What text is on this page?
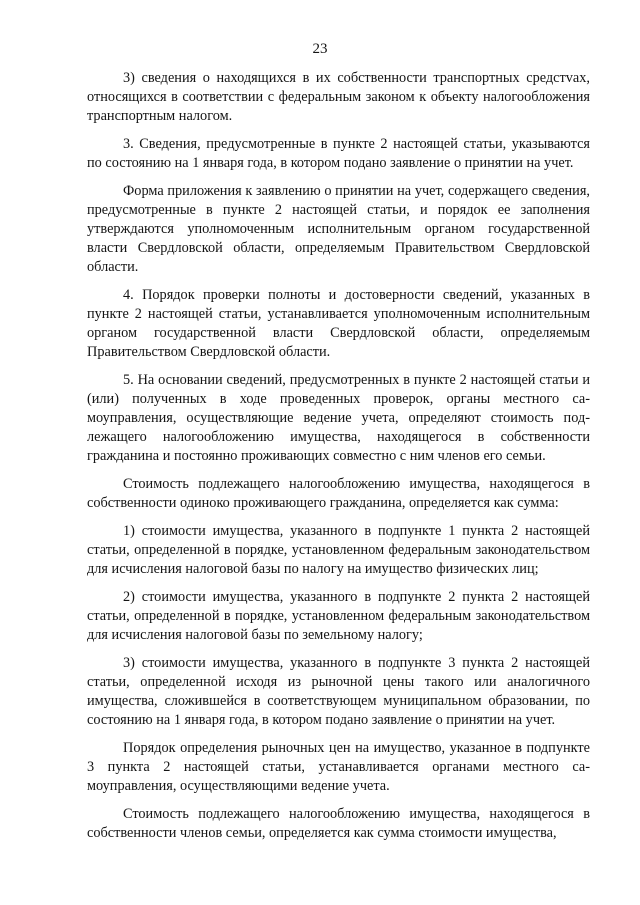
23

3) сведения о находящихся в их собственности транспортных средстvах, относящихся в соответствии с федеральным законом к объекту налогообложения транспортным налогом.

3. Сведения, предусмотренные в пункте 2 настоящей статьи, указываются по состоянию на 1 января года, в котором подано заявление о принятии на учет.

Форма приложения к заявлению о принятии на учет, содержащего сведения, предусмотренные в пункте 2 настоящей статьи, и порядок ее заполнения утверждаются уполномоченным исполнительным органом государственной власти Свердловской области, определяемым Правительством Свердловской области.

4. Порядок проверки полноты и достоверности сведений, указанных в пункте 2 настоящей статьи, устанавливается уполномоченным исполнительным органом государственной власти Свердловской области, определяемым Правительством Свердловской области.

5. На основании сведений, предусмотренных в пункте 2 настоящей статьи и (или) полученных в ходе проведенных проверок, органы местного самоуправления, осуществляющие ведение учета, определяют стоимость подлежащего налогообложению имущества, находящегося в собственности гражданина и постоянно проживающих совместно с ним членов его семьи.

Стоимость подлежащего налогообложению имущества, находящегося в собственности одиноко проживающего гражданина, определяется как сумма:

1) стоимости имущества, указанного в подпункте 1 пункта 2 настоящей статьи, определенной в порядке, установленном федеральным законодательством для исчисления налоговой базы по налогу на имущество физических лиц;

2) стоимости имущества, указанного в подпункте 2 пункта 2 настоящей статьи, определенной в порядке, установленном федеральным законодательством для исчисления налоговой базы по земельному налогу;

3) стоимости имущества, указанного в подпункте 3 пункта 2 настоящей статьи, определенной исходя из рыночной цены такого или аналогичного имущества, сложившейся в соответствующем муниципальном образовании, по состоянию на 1 января года, в котором подано заявление о принятии на учет.

Порядок определения рыночных цен на имущество, указанное в подпункте 3 пункта 2 настоящей статьи, устанавливается органами местного самоуправления, осуществляющими ведение учета.

Стоимость подлежащего налогообложению имущества, находящегося в собственности членов семьи, определяется как сумма стоимости имущества,
